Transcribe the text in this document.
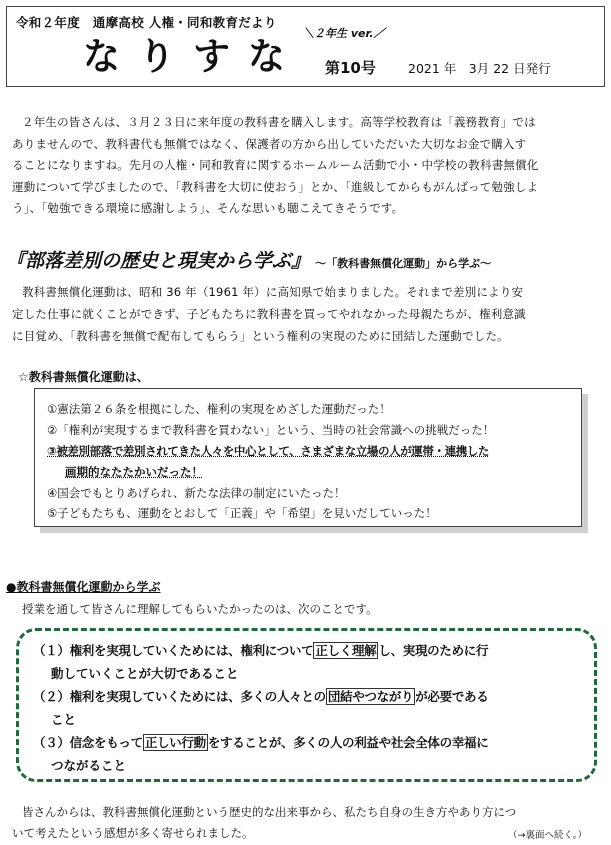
令和２年度　通摩高校 人権・同和教育だより
なりすな
＼２年生 ver.／
第10号	2021 年　3月 22 日発行
２年生の皆さんは、３月２３日に来年度の教科書を購入します。高等学校教育は「義務教育」では
ありませんので、教科書代も無償ではなく、保護者の方から出していただいた大切なお金で購入す
ることになりますね。先月の人権・同和教育に関するホームルーム活動で小・中学校の教科書無償化
運動について学びましたので、「教科書を大切に使おう」とか、「進級してからもがんばって勉強しよ
う」、「勉強できる環境に感謝しよう」、そんな思いも聴こえてきそうです。
『部落差別の歴史と現実から学ぶ』 ～「教科書無償化運動」から学ぶ～
教科書無償化運動は、昭和 36 年（1961 年）に高知県で始まりました。それまで差別により安
定した仕事に就くことができず、子どもたちに教科書を買ってやれなかった母親たちが、権利意識
に目覚め、「教科書を無償で配布してもらう」という権利の実現のために団結した運動でした。
☆教科書無償化運動は、
①憲法第２６条を根拠にした、権利の実現をめざした運動だった！
②「権利が実現するまで教科書を買わない」という、当時の社会常識への挑戦だった！
③被差別部落で差別されてきた人々を中心として、さまざまな立場の人が運帯・連携した
画期的なたたかいだった！
④国会でもとりあげられ、新たな法律の制定にいたった！
⑤子どもたちも、運動をとおして「正義」や「希望」を見いだしていった！
●教科書無償化運動から学ぶ
授業を通して皆さんに理解してもらいたかったのは、次のことです。
（１）権利を実現していくためには、権利について 正しく理解 し、実現のために行
動していくことが大切であること
（２）権利を実現していくためには、多くの人々との 団結やつながり が必要である
こと
（３）信念をもって 正しい行動 をすることが、多くの人の利益や社会全体の幸福に
つながること
皆さんからは、教科書無償化運動という歴史的な出来事から、私たち自身の生き方やあり方につ
いて考えたという感想が多く寄せられました。	（→裏面へ続く。）
